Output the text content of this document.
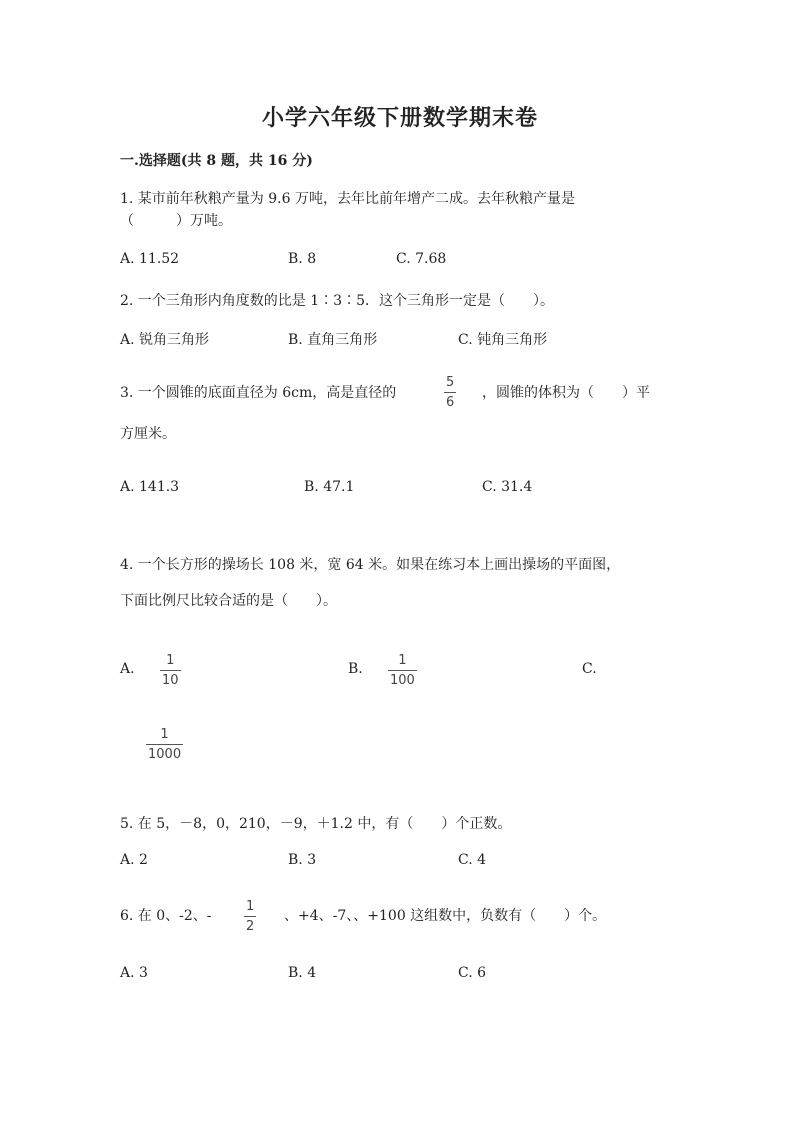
小学六年级下册数学期末卷
一.选择题(共 8 题，共 16 分)
1. 某市前年秋粮产量为 9.6 万吨，去年比前年增产二成。去年秋粮产量是
（　　　）万吨。
A. 11.52	B. 8	C. 7.68
2. 一个三角形内角度数的比是 1∶3∶5．这个三角形一定是（　　）。
A. 锐角三角形	B. 直角三角形	C. 钝角三角形
3. 一个圆锥的底面直径为 6cm，高是直径的
5
6
，圆锥的体积为（　　）平
方厘米。
A. 141.3	B. 47.1	C. 31.4
4. 一个长方形的操场长 108 米，宽 64 米。如果在练习本上画出操场的平面图，
下面比例尺比较合适的是（　　）。
A.
1
10
B.
1
100
C.
1
1000
5. 在 5，－8，0，210，－9，＋1.2 中，有（　　）个正数。
A. 2	B. 3	C. 4
6. 在 0、-2、-
1
2
、+4、-7、、+100 这组数中，负数有（　　）个。
A. 3	B. 4	C. 6
